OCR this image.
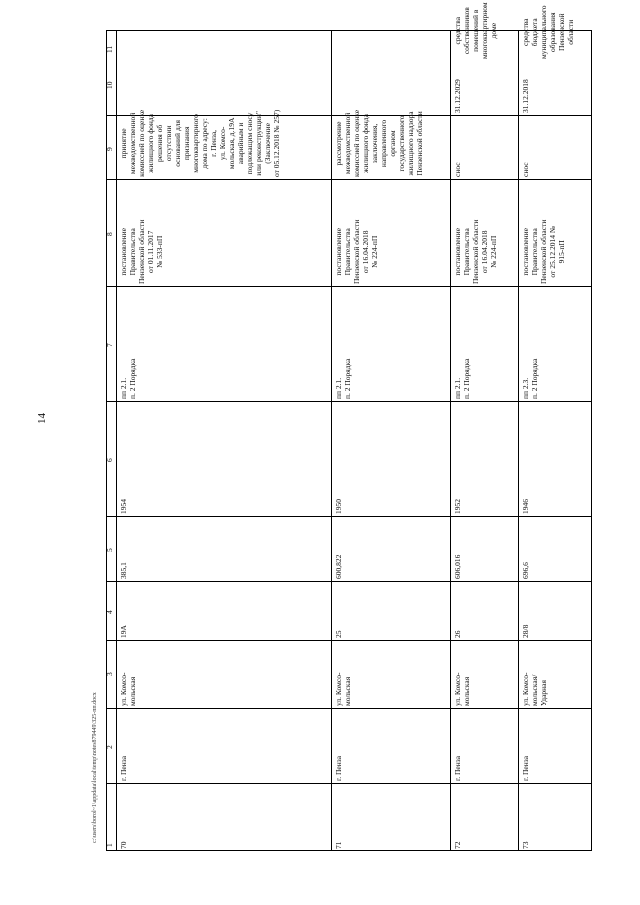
14
c:\users\borol~1\appdata\local\temp\notes879449\325-пп.docx
1
2
3
4
5
6
7
8
9
10
11
70
г. Пенза
ул. Комсо- мольская
19А
385,1
1954
пп 2.1. п. 2 Порядка
постановление Правительства Пензенской области от 01.11.2017 № 533-пП
принятие межведомственной комиссией по оценке жилищного фонда решения об отсутствии оснований для признания многоквартирного дома по адресу: г. Пенза, ул. Комсо- мольская, д.19А аварийным и подлежащим сносу или реконструкции" (Заключение от 05.12.2018 № 257)
71
г. Пенза
ул. Комсо- мольская
25
600,822
1950
пп 2.1. п. 2 Порядка
постановление Правительства Пензенской области от 16.04.2018 № 224-пП
рассмотрение межведомственной комиссией по оценке жилищного фонда заключения, направленного органом государственного жилищного надзора Пензенской области
72
г. Пенза
ул. Комсо- мольская
26
606,016
1952
пп 2.1. п. 2 Порядка
постановление Правительства Пензенской области от 16.04.2018 № 224-пП
снос
31.12.2029
средства собственников помещений в многоквартирном доме
73
г. Пенза
ул. Комсо- мольская/ Ударная
28/8
696,6
1946
пп 2.3. п. 2 Порядка
постановление Правительства Пензенской области от 25.12.2014 № 915-пП
снос
31.12.2018
средства бюджета муниципального образования Пензенской области
